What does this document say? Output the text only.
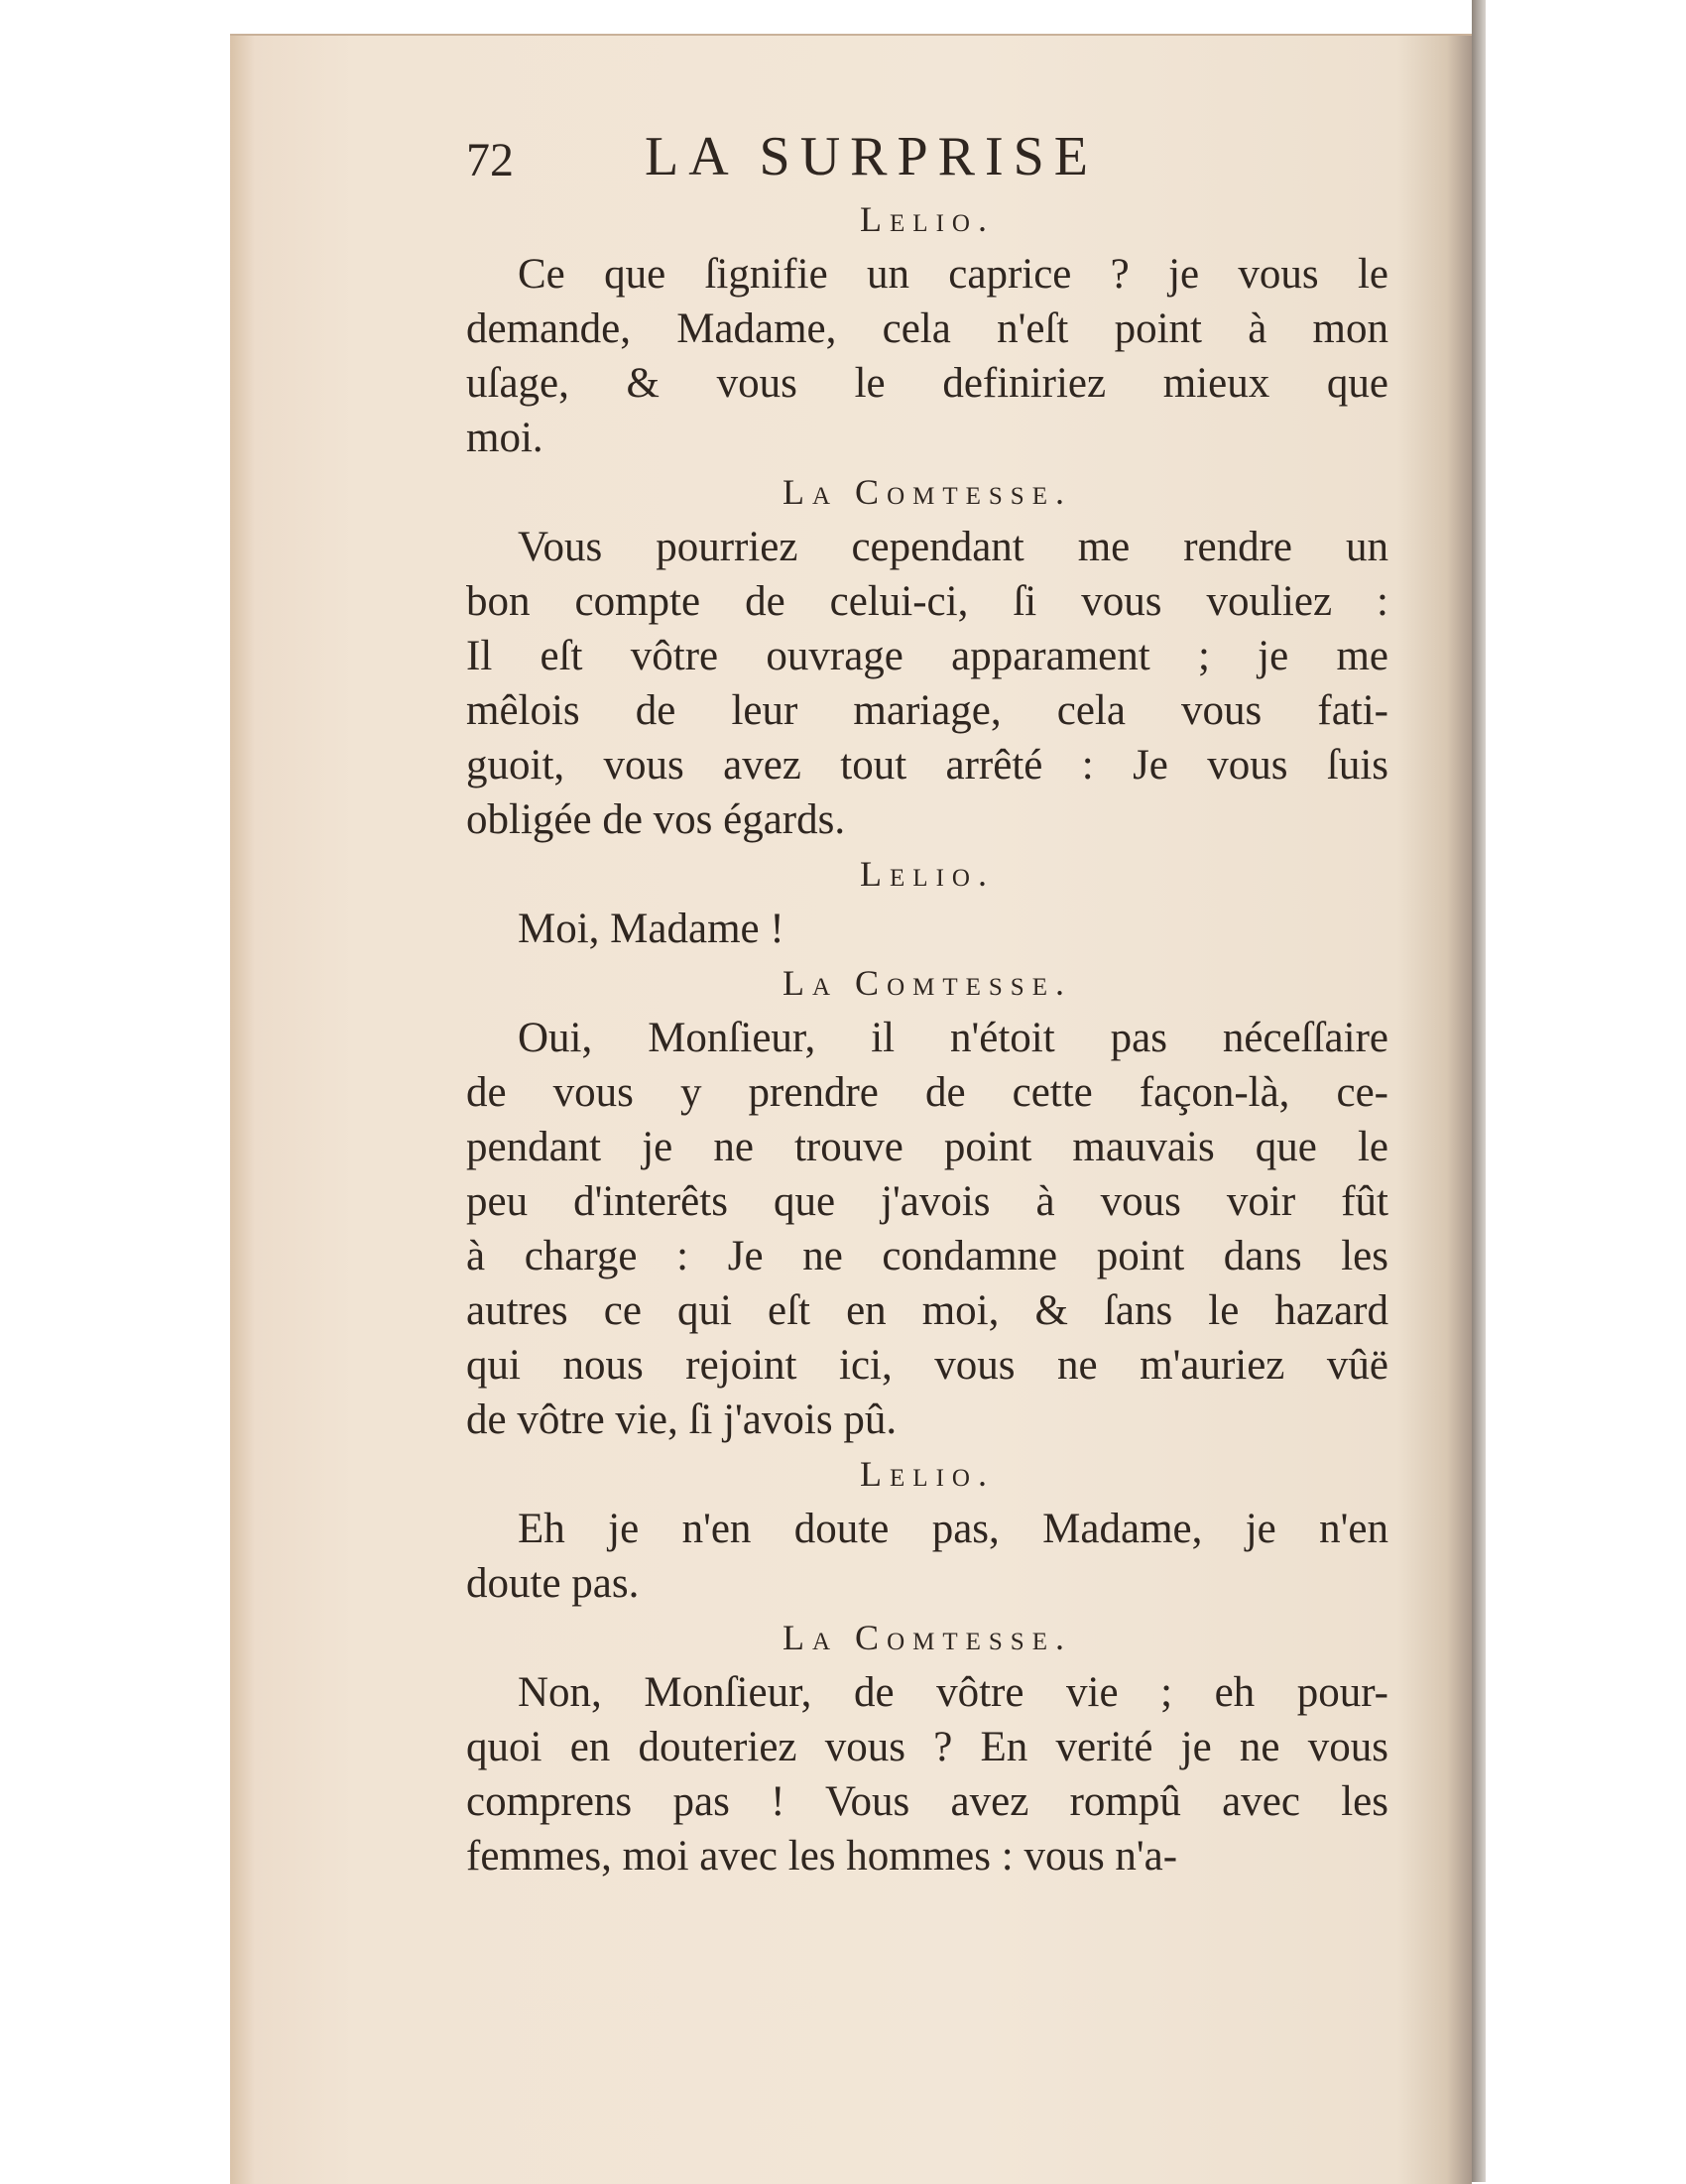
72 LA SURPRISE
Lelio.
Ce que ſignifie un caprice ? je vous le
demande, Madame, cela n'eſt point à mon
uſage, & vous le definiriez mieux que
moi.
La Comtesse.
Vous pourriez cependant me rendre un
bon compte de celui-ci, ſi vous vouliez :
Il eſt vôtre ouvrage apparament ; je me
mêlois de leur mariage, cela vous fati-
guoit, vous avez tout arrêté : Je vous ſuis
obligée de vos égards.
Lelio.
Moi, Madame !
La Comtesse.
Oui, Monſieur, il n'étoit pas néceſſaire
de vous y prendre de cette façon-là, ce-
pendant je ne trouve point mauvais que le
peu d'interêts que j'avois à vous voir fût
à charge : Je ne condamne point dans les
autres ce qui eſt en moi, & ſans le hazard
qui nous rejoint ici, vous ne m'auriez vûë
de vôtre vie, ſi j'avois pû.
Lelio.
Eh je n'en doute pas, Madame, je n'en
doute pas.
La Comtesse.
Non, Monſieur, de vôtre vie ; eh pour-
quoi en douteriez vous ? En verité je ne vous
comprens pas ! Vous avez rompû avec les
femmes, moi avec les hommes : vous n'a-
